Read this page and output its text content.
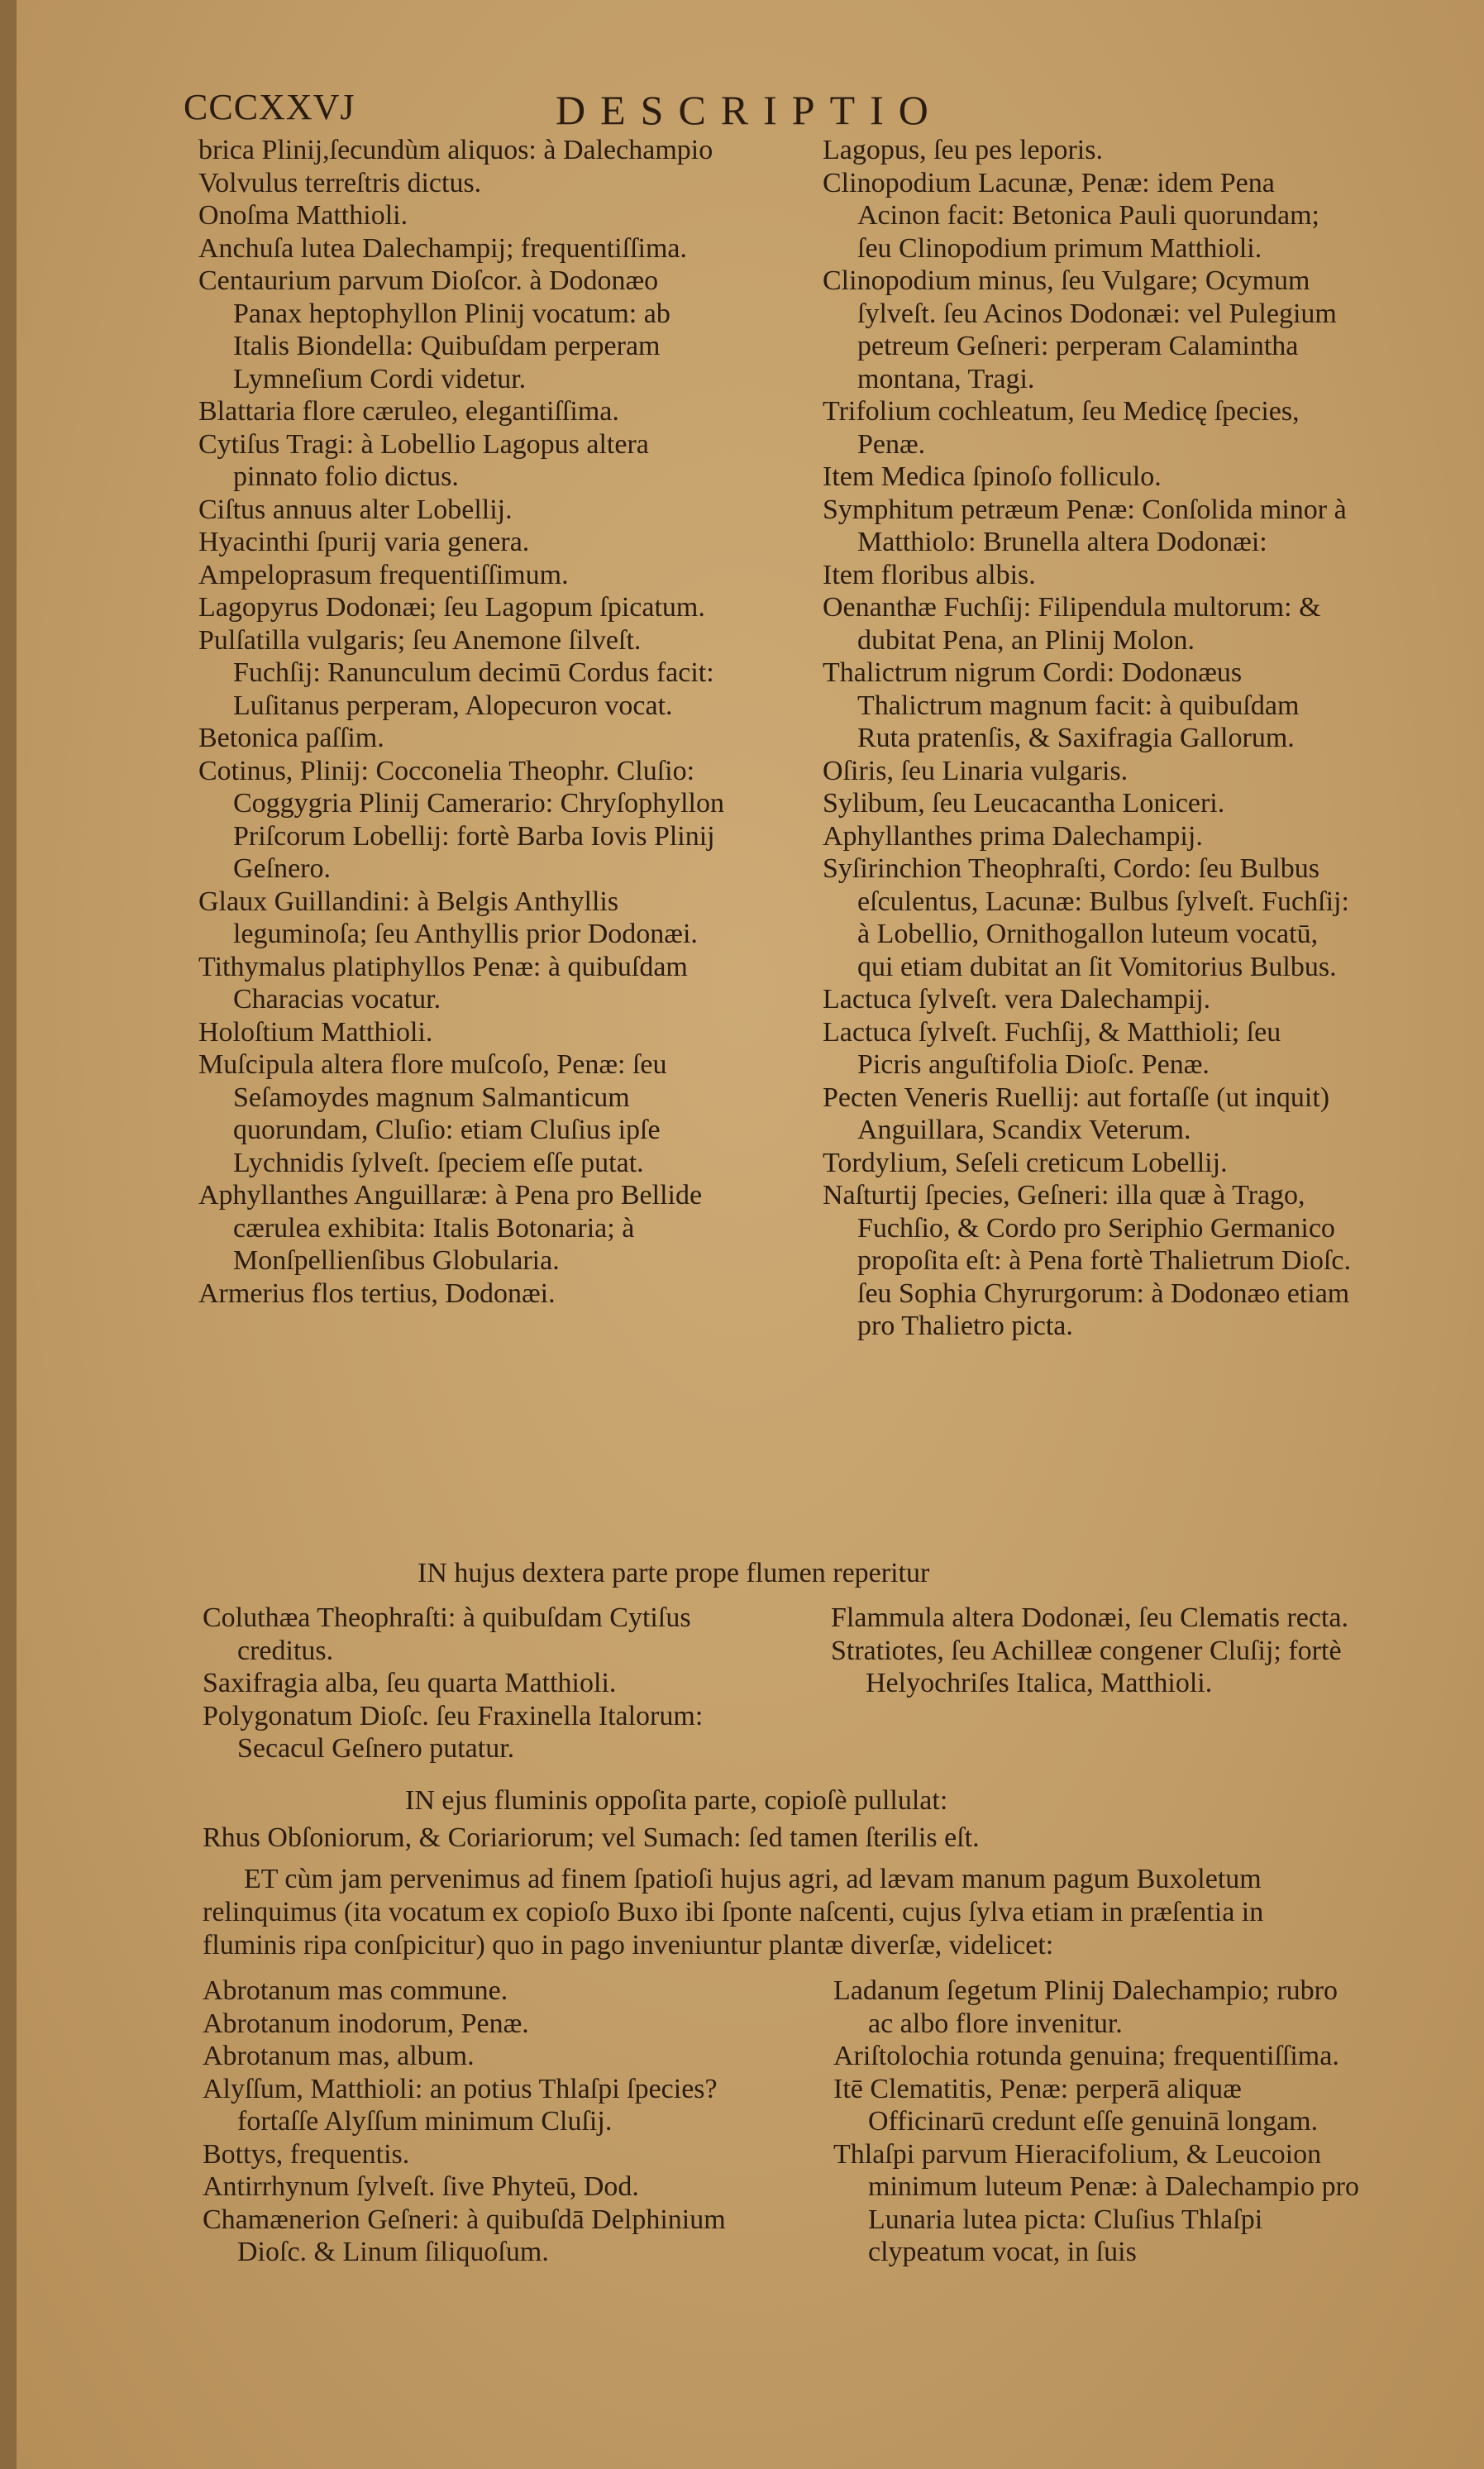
CCCXXVJ	DESCRIPTIO
brica Plinij,ſecundùm aliquos: à Dalechampio Volvulus terreſtris dictus.
Onoſma Matthioli.
Anchuſa lutea Dalechampij; frequentiſſima.
Centaurium parvum Dioſcor. à Dodonæo Panax heptophyllon Plinij vocatum: ab Italis Biondella: Quibuſdam perperam Lymneſium Cordi videtur.
Blattaria flore cæruleo, elegantiſſima.
Cytiſus Tragi: à Lobellio Lagopus altera pinnato folio dictus.
Ciſtus annuus alter Lobellij.
Hyacinthi ſpurij varia genera.
Ampeloprasum frequentiſſimum.
Lagopyrus Dodonæi; ſeu Lagopum ſpicatum.
Pulſatilla vulgaris; ſeu Anemone ſilveſt. Fuchſij: Ranunculum decimū Cordus facit: Luſitanus perperam, Alopecuron vocat.
Betonica paſſim.
Cotinus, Plinij: Cocconelia Theophr. Cluſio: Coggygria Plinij Camerario: Chryſophyllon Priſcorum Lobellij: fortè Barba Iovis Plinij Geſnero.
Glaux Guillandini: à Belgis Anthyllis leguminoſa; ſeu Anthyllis prior Dodonæi.
Tithymalus platiphyllos Penæ: à quibuſdam Characias vocatur.
Holoſtium Matthioli.
Muſcipula altera flore muſcoſo, Penæ: ſeu Seſamoydes magnum Salmanticum quorundam, Cluſio: etiam Cluſius ipſe Lychnidis ſylveſt. ſpeciem eſſe putat.
Aphyllanthes Anguillaræ: à Pena pro Bellide cærulea exhibita: Italis Botonaria; à Monſpellienſibus Globularia.
Armerius flos tertius, Dodonæi.
Lagopus, ſeu pes leporis.
Clinopodium Lacunæ, Penæ: idem Pena Acinon facit: Betonica Pauli quorundam; ſeu Clinopodium primum Matthioli.
Clinopodium minus, ſeu Vulgare; Ocymum ſylveſt. ſeu Acinos Dodonæi: vel Pulegium petreum Geſneri: perperam Calamintha montana, Tragi.
Trifolium cochleatum, ſeu Medicę ſpecies, Penæ.
Item Medica ſpinoſo folliculo.
Symphitum petræum Penæ: Conſolida minor à Matthiolo: Brunella altera Dodonæi:
Item floribus albis.
Oenanthæ Fuchſij: Filipendula multorum: & dubitat Pena, an Plinij Molon.
Thalictrum nigrum Cordi: Dodonæus Thalictrum magnum facit: à quibuſdam Ruta pratenſis, & Saxifragia Gallorum.
Oſiris, ſeu Linaria vulgaris.
Sylibum, ſeu Leucacantha Loniceri.
Aphyllanthes prima Dalechampij.
Syſirinchion Theophraſti, Cordo: ſeu Bulbus eſculentus, Lacunæ: Bulbus ſylveſt. Fuchſij: à Lobellio, Ornithogallon luteum vocatū, qui etiam dubitat an ſit Vomitorius Bulbus.
Lactuca ſylveſt. vera Dalechampij.
Lactuca ſylveſt. Fuchſij, & Matthioli; ſeu Picris anguſtifolia Dioſc. Penæ.
Pecten Veneris Ruellij: aut fortaſſe (ut inquit) Anguillara, Scandix Veterum.
Tordylium, Seſeli creticum Lobellij.
Naſturtij ſpecies, Geſneri: illa quæ à Trago, Fuchſio, & Cordo pro Seriphio Germanico propoſita eſt: à Pena fortè Thalietrum Dioſc. ſeu Sophia Chyrurgorum: à Dodonæo etiam pro Thalietro picta.
IN hujus dextera parte prope flumen reperitur
Coluthæa Theophraſti: à quibuſdam Cytiſus creditus.
Saxifragia alba, ſeu quarta Matthioli.
Polygonatum Dioſc. ſeu Fraxinella Italorum: Secacul Geſnero putatur.
Flammula altera Dodonæi, ſeu Clematis recta.
Stratiotes, ſeu Achilleæ congener Cluſij; fortè Helyochriſes Italica, Matthioli.
IN ejus fluminis oppoſita parte, copioſè pullulat:
Rhus Obſoniorum, & Coriariorum; vel Sumach: ſed tamen ſterilis eſt.
ET cùm jam pervenimus ad finem ſpatioſi hujus agri, ad lævam manum pagum Buxoletum relinquimus (ita vocatum ex copioſo Buxo ibi ſponte naſcenti, cujus ſylva etiam in præſentia in fluminis ripa conſpicitur) quo in pago inveniuntur plantæ diverſæ, videlicet:
Abrotanum mas commune.
Abrotanum inodorum, Penæ.
Abrotanum mas, album.
Alyſſum, Matthioli: an potius Thlaſpi ſpecies? fortaſſe Alyſſum minimum Cluſij.
Bottys, frequentis.
Antirrhynum ſylveſt. ſive Phyteū, Dod.
Chamænerion Geſneri: à quibuſdā Delphinium Dioſc. & Linum ſiliquoſum.
Ladanum ſegetum Plinij Dalechampio; rubro ac albo flore invenitur.
Ariſtolochia rotunda genuina; frequentiſſima.
Itē Clematitis, Penæ: perperā aliquæ Officinarū credunt eſſe genuinā longam.
Thlaſpi parvum Hieracifolium, & Leucoion minimum luteum Penæ: à Dalechampio pro Lunaria lutea picta: Cluſius Thlaſpi clypeatum vocat, in ſuis
